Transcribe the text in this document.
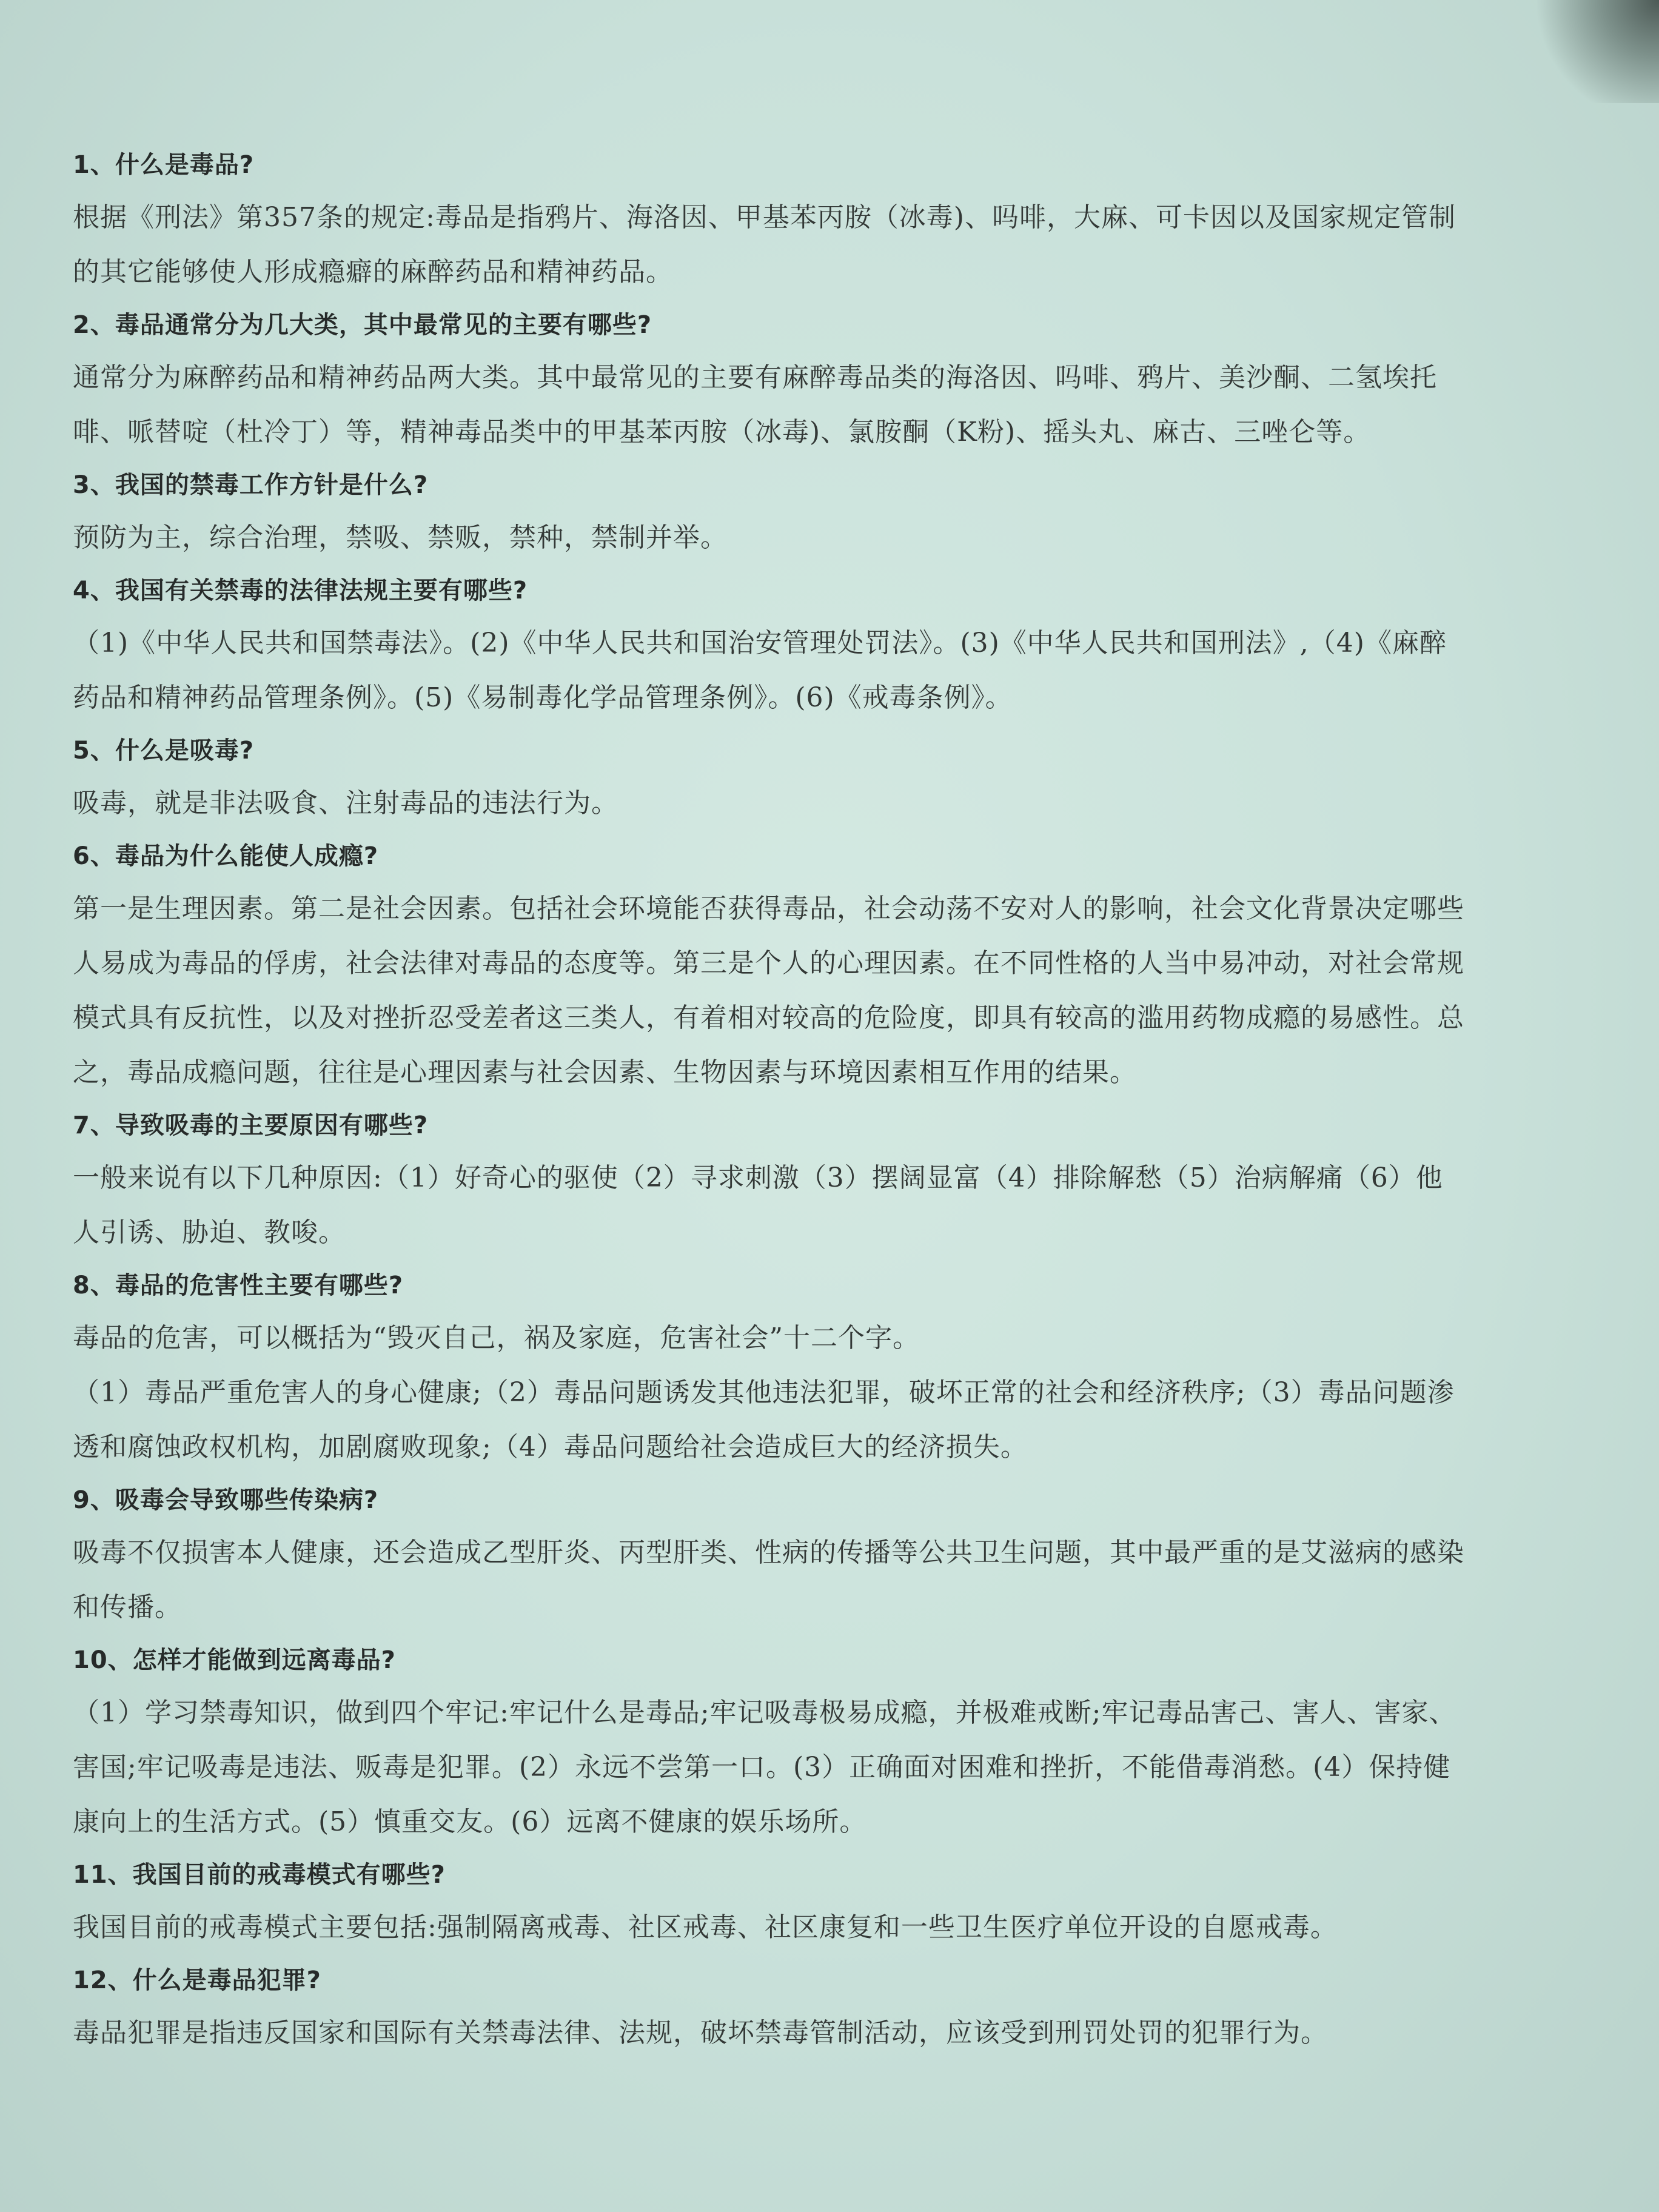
1、什么是毒品?

根据《刑法》第357条的规定:毒品是指鸦片、海洛因、甲基苯丙胺（冰毒)、吗啡，大麻、可卡因以及国家规定管制的其它能够使人形成瘾癖的麻醉药品和精神药品。

2、毒品通常分为几大类，其中最常见的主要有哪些?

通常分为麻醉药品和精神药品两大类。其中最常见的主要有麻醉毒品类的海洛因、吗啡、鸦片、美沙酮、二氢埃托啡、哌替啶（杜冷丁）等，精神毒品类中的甲基苯丙胺（冰毒)、氯胺酮（K粉)、摇头丸、麻古、三唑仑等。

3、我国的禁毒工作方针是什么?

预防为主，综合治理，禁吸、禁贩，禁种，禁制并举。

4、我国有关禁毒的法律法规主要有哪些?

（1)《中华人民共和国禁毒法》。(2)《中华人民共和国治安管理处罚法》。(3)《中华人民共和国刑法》,（4)《麻醉药品和精神药品管理条例》。(5)《易制毒化学品管理条例》。(6)《戒毒条例》。

5、什么是吸毒?

吸毒，就是非法吸食、注射毒品的违法行为。

6、毒品为什么能使人成瘾?

第一是生理因素。第二是社会因素。包括社会环境能否获得毒品，社会动荡不安对人的影响，社会文化背景决定哪些人易成为毒品的俘虏，社会法律对毒品的态度等。第三是个人的心理因素。在不同性格的人当中易冲动，对社会常规模式具有反抗性，以及对挫折忍受差者这三类人，有着相对较高的危险度，即具有较高的滥用药物成瘾的易感性。总之，毒品成瘾问题，往往是心理因素与社会因素、生物因素与环境因素相互作用的结果。

7、导致吸毒的主要原因有哪些?

一般来说有以下几种原因:（1）好奇心的驱使（2）寻求刺激（3）摆阔显富（4）排除解愁（5）治病解痛（6）他人引诱、胁迫、教唆。

8、毒品的危害性主要有哪些?

毒品的危害，可以概括为“毁灭自己，祸及家庭，危害社会”十二个字。

（1）毒品严重危害人的身心健康;（2）毒品问题诱发其他违法犯罪，破坏正常的社会和经济秩序;（3）毒品问题渗透和腐蚀政权机构，加剧腐败现象;（4）毒品问题给社会造成巨大的经济损失。

9、吸毒会导致哪些传染病?

吸毒不仅损害本人健康，还会造成乙型肝炎、丙型肝类、性病的传播等公共卫生问题，其中最严重的是艾滋病的感染和传播。

10、怎样才能做到远离毒品?

（1）学习禁毒知识，做到四个牢记:牢记什么是毒品;牢记吸毒极易成瘾，并极难戒断;牢记毒品害己、害人、害家、害国;牢记吸毒是违法、贩毒是犯罪。(2）永远不尝第一口。(3）正确面对困难和挫折，不能借毒消愁。(4）保持健康向上的生活方式。(5）慎重交友。(6）远离不健康的娱乐场所。

11、我国目前的戒毒模式有哪些?

我国目前的戒毒模式主要包括:强制隔离戒毒、社区戒毒、社区康复和一些卫生医疗单位开设的自愿戒毒。

12、什么是毒品犯罪?

毒品犯罪是指违反国家和国际有关禁毒法律、法规，破坏禁毒管制活动，应该受到刑罚处罚的犯罪行为。
